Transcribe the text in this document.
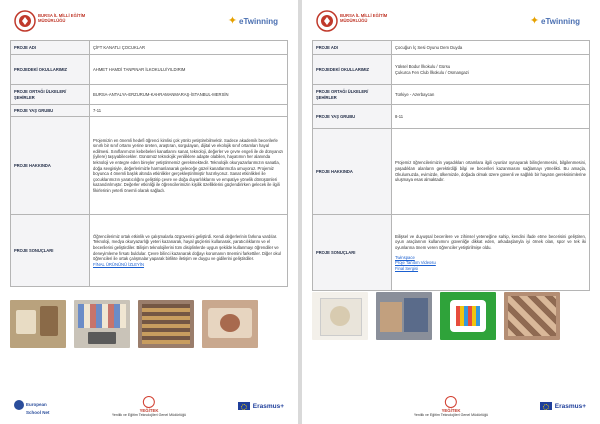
BURSA İL MİLLİ EĞİTİM MÜDÜRLÜĞÜ	✦ eTwinning
PROJE ADI	ÇİFT KANATLI ÇOCUKLAR
PROJEDEKİ OKULLARIMIZ	AHMET HAMDİ TANPINAR İLKOKULU/YILDIRIM
PROJE ORTAĞI ÜLKELER/ŞEHİRLER	BURSA-ANTALYA-ERZURUM-KAHRAMANMARAŞ-İSTANBUL-MERSİN
PROJE YAŞ GRUBU	7-11
PROJE HAKKINDA	Projemizin en önemli hedefi öğrenci kimlisi çok yönlü yetiştirebilmektir. Sadece akademik becerilerle sınırlı bir sınıf ortamı yerine üreten, araştıran, sorgulayan, dijital ve ekolojik sınıf ortamları hayal edilmesi. Sınıflarımızın kebebeleri kanatlarını sanat, teknoloji, değerler ve çevre engeli ile de dünyanızı (iyilere) taşıyabilecekler. Günümüz teknolojik yeniliklere adapte olabilen, hayatımın her alanında teknoloji ve entegre eden bireyler yetiştirmemiz gerekmektedir. Teknolojik okuryazarlarımızın sanatla, doğa sevgisiyle, değerlerimizle harmanlanarak geleceğe güzel kanatlarımızla umuyoruz. Projemiz boyunca 4 önemli başlık altında etkinlikler gerçekleştirilmiştir hazırlıyoruz. Sanat etkinlikleri ile çocuklarımızın yaratıcılığını geliştirip çevre ve doğa duyarlılıklarını ve empatiye yönelik dönüşümleri kazandırılmıştır. Değerler etkinliği ile öğrencilerimizin kişilik özelliklerini güçlendirirken gelecek ile ilgili fikirlerinin yeterli önemli olarak sağladı.
PROJE SONUÇLARI	Öğrencilerimiz ortak etkinlik ve çalışmalarla özgüvenini geliştirdi. Kendi değerlerinin farkına vardılar. Teknoloji, medya okuryazarlığı yeteri kazanarak, hayal güçlerini kullanarak, yaratıcılıklarını ve el becerilerini geliştirdiler. Bilişim teknolojilerini tüm disiplinlerde uygun şekilde kullanmayı öğrendiler ve deneyimleme fırsatı buldular. Çevre bilinci kazanarak doğayı korumanın önemini farkettiler. Diğer okul öğrencileri ile ortak çalışmalar yaparak birlikte iletişim ve duygu ve gidilerini geliştirdiler.
FİNAL ÜRÜNÜNÜ İZLEYİN
European
School Net	YEĞİTEK
Yenilik ve Eğitim Teknolojileri Genel Müdürlüğü
Erasmus+
BURSA İL MİLLİ EĞİTİM MÜDÜRLÜĞÜ	✦ eTwinning
PROJE ADI	Çocuğun İç Sesi Oyunu Dem Duyda
PROJEDEKİ OKULLARIMIZ	Yüksel Bodur İlkokulu / Gürsu
Çukurca Fen Club İlkokulu / Osmangazi

PROJE ORTAĞI ÜLKELER/ŞEHİRLER	Türkiye - Azerbaycan
PROJE YAŞ GRUBU	8-11
PROJE HAKKINDA	Projemiz öğrencilerimizin yaşadıkları ortamlara ilgili oyunlar oynayarak bilinçlenmesini, bilgilenmesini, yaşadıkları alanların gerektirdiği bilgi ve becerileri kazanmasını sağlamayı yönelikti. Bu amaçla, Okulumuzda, evimizde, ülkemizde, doğada olmak üzere güvenli ve sağlıklı bir hayatın gereksinimlerine uluşmaya esas almaktadır.
PROJE SONUÇLARI	Bilişsel ve duyuşsal becerilere ve zihinsel yeteneğine sahip, kendini ifade etme becerisini geliştiren, oyun araçlarının kullanımını güvenliğe dikkat eden, arkadaşlarıyla iyi örnek olan, spor ve tek iki oyunlarına önem veren öğrenciler yetiştirilmişe oldu.
Twinspace
Proje Tanıtım Videosu
Final Sergisi
YEĞİTEK
Yenilik ve Eğitim Teknolojileri Genel Müdürlüğü
Erasmus+
